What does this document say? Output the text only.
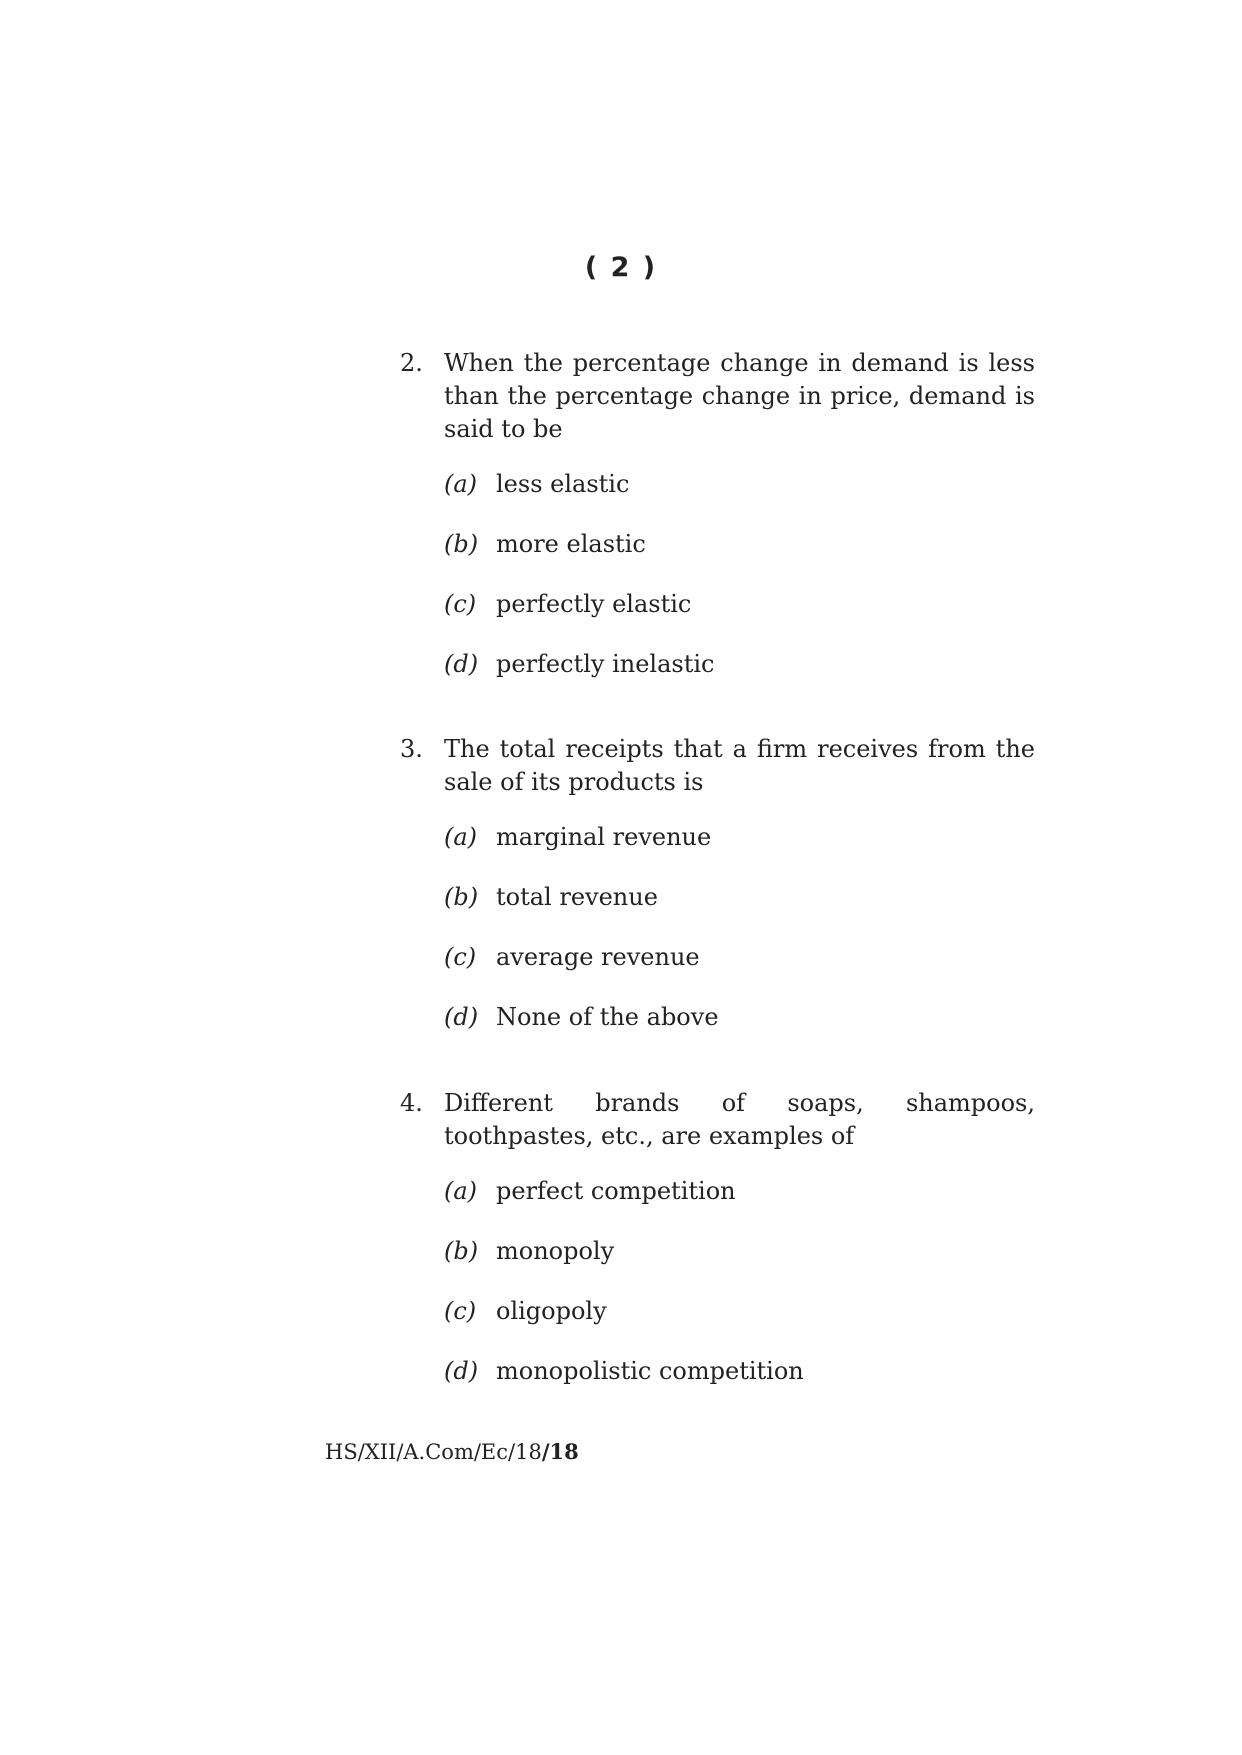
( 2 )
2. When the percentage change in demand is less than the percentage change in price, demand is said to be
(a) less elastic
(b) more elastic
(c) perfectly elastic
(d) perfectly inelastic
3. The total receipts that a firm receives from the sale of its products is
(a) marginal revenue
(b) total revenue
(c) average revenue
(d) None of the above
4. Different brands of soaps, shampoos, toothpastes, etc., are examples of
(a) perfect competition
(b) monopoly
(c) oligopoly
(d) monopolistic competition
HS/XII/A.Com/Ec/18/18
